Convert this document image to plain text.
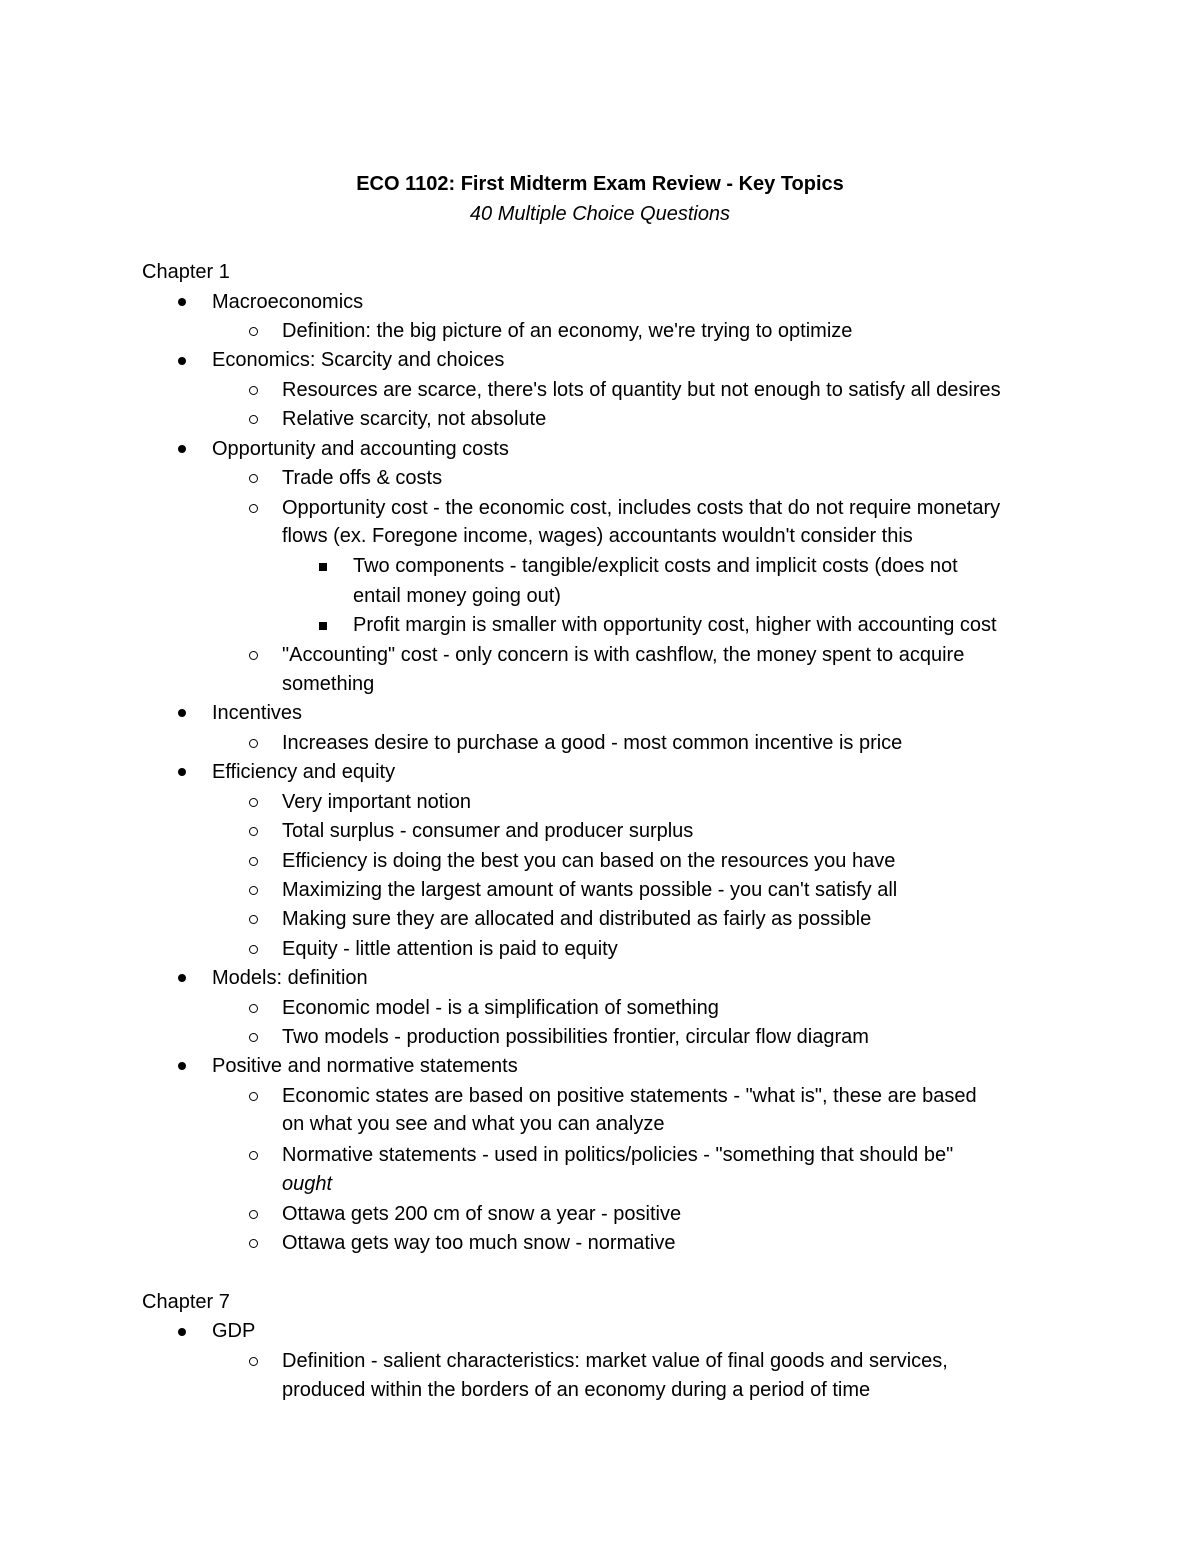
ECO 1102: First Midterm Exam Review - Key Topics
40 Multiple Choice Questions
Chapter 1
Macroeconomics
Definition: the big picture of an economy, we're trying to optimize
Economics: Scarcity and choices
Resources are scarce, there's lots of quantity but not enough to satisfy all desires
Relative scarcity, not absolute
Opportunity and accounting costs
Trade offs & costs
Opportunity cost - the economic cost, includes costs that do not require monetary
flows (ex. Foregone income, wages) accountants wouldn't consider this
Two components - tangible/explicit costs and implicit costs (does not
entail money going out)
Profit margin is smaller with opportunity cost, higher with accounting cost
"Accounting" cost - only concern is with cashflow, the money spent to acquire
something
Incentives
Increases desire to purchase a good - most common incentive is price
Efficiency and equity
Very important notion
Total surplus - consumer and producer surplus
Efficiency is doing the best you can based on the resources you have
Maximizing the largest amount of wants possible - you can't satisfy all
Making sure they are allocated and distributed as fairly as possible
Equity - little attention is paid to equity
Models: definition
Economic model - is a simplification of something
Two models - production possibilities frontier, circular flow diagram
Positive and normative statements
Economic states are based on positive statements - "what is", these are based
on what you see and what you can analyze
Normative statements - used in politics/policies - "something that should be"
ought
Ottawa gets 200 cm of snow a year - positive
Ottawa gets way too much snow - normative
Chapter 7
GDP
Definition - salient characteristics: market value of final goods and services,
produced within the borders of an economy during a period of time
